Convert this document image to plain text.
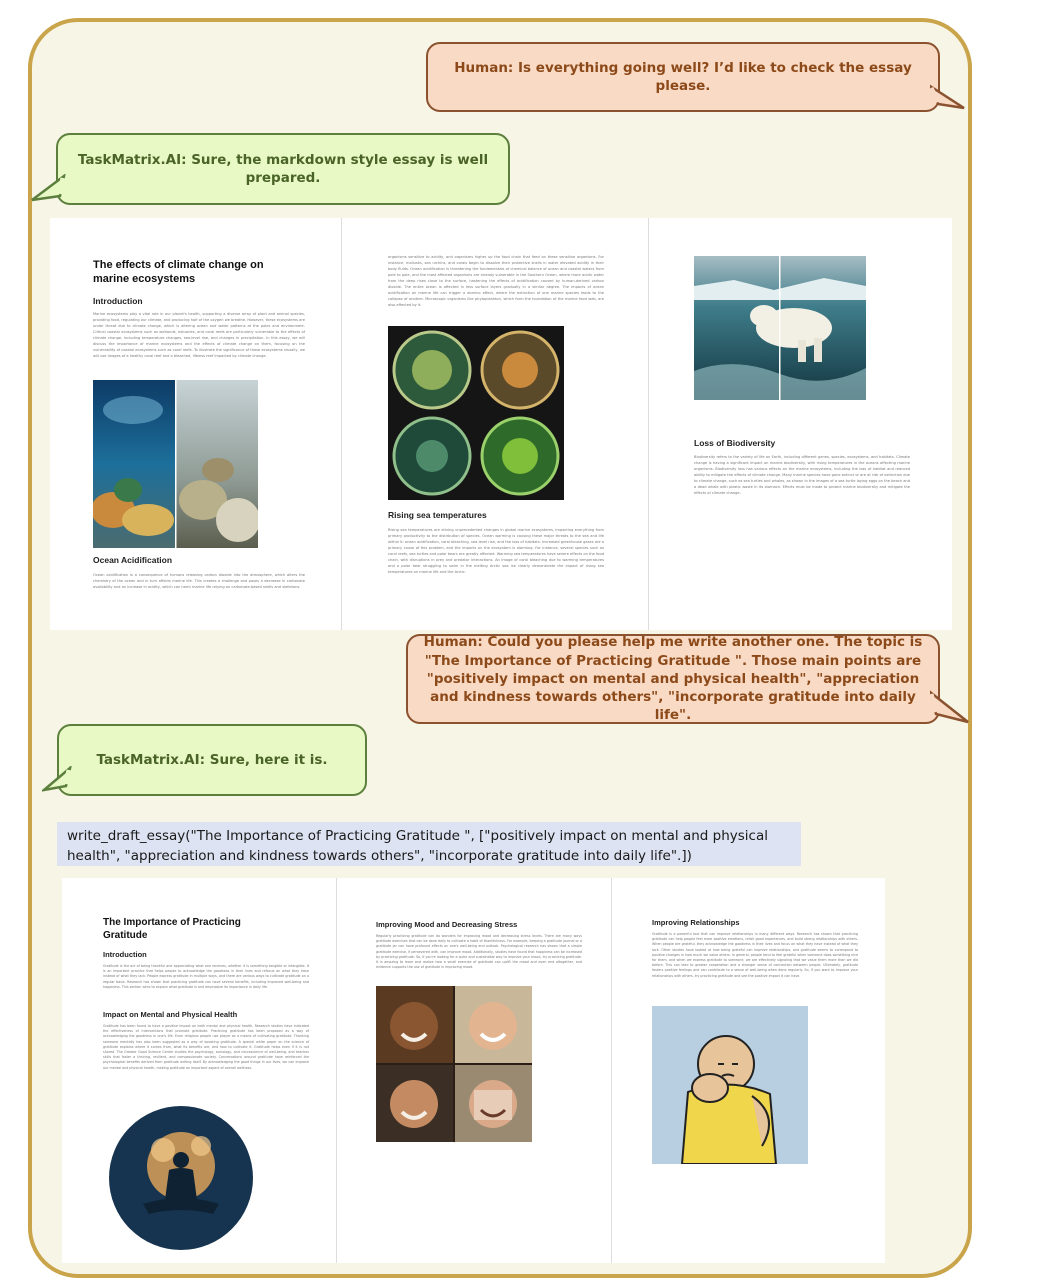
Human: Is everything going well? I’d like to check the essay please.
TaskMatrix.AI: Sure, the markdown style essay is well prepared.
The effects of climate change on marine ecosystems
Introduction
Marine ecosystems play a vital role in our planet's health, supporting a diverse array of plant and animal species, providing food, regulating our climate, and producing half of the oxygen we breathe. However, these ecosystems are under threat due to climate change, which is altering ocean and water patterns at the poles and environment. Critical coastal ecosystems such as wetlands, estuaries, and coral reefs are particularly vulnerable to the effects of climate change, including temperature changes, sea-level rise, and changes in precipitation. In this essay, we will discuss the importance of marine ecosystems and the effects of climate change on them, focusing on the vulnerability of coastal ecosystems such as coral reefs. To illustrate the significance of these ecosystems visually, we will use images of a healthy coral reef and a bleached, lifeless reef impacted by climate change.
Ocean Acidification
Ocean acidification is a consequence of humans releasing carbon dioxide into the atmosphere, which alters the chemistry of the ocean and in turn affects marine life. This creates a challenge and poses a decrease in carbonate availability and an increase in acidity, which can harm marine life relying on carbonate-based shells and skeletons.
organisms sensitive to acidity, and organisms higher up the food chain that feed on these sensitive organisms. For instance, mollusks, sea urchins, and corals begin to dissolve their protective shells in water elevated acidity in their body fluids. Ocean acidification is threatening the fundamentals of chemical balance of ocean and coastal waters from pole to pole, and the most affected organisms are already vulnerable in the Southern Ocean, where more acidic water from the deep rises close to the surface, hastening the effects of acidification caused by human-derived carbon dioxide. The entire ocean is affected in less surface layers gradually in a similar degree. The impacts of ocean acidification on marine life can trigger a domino effect, where the extinction of one marine species leads to the collapse of another. Microscopic organisms like phytoplankton, which form the foundation of the marine food web, are also affected by it.
Rising sea temperatures
Rising sea temperatures are driving unprecedented changes in global marine ecosystems, impacting everything from primary productivity to the distribution of species. Ocean warming is causing these major threats to the sea and life within it: ocean acidification, coral bleaching, sea-level rise, and the loss of habitats. Increased greenhouse gases are a primary cause of this problem, and the impacts on the ecosystem is alarming. For instance, several species such as coral reefs, sea turtles and polar bears are greatly affected. Warming sea temperatures have severe effects on the food chain, with disruptions in prey and predator interactions. An image of coral bleaching due to warming temperatures and a polar bear struggling to swim in the melting Arctic sea ice clearly demonstrate the impact of rising sea temperatures on marine life and the Arctic.
Loss of Biodiversity
Biodiversity refers to the variety of life on Earth, including different genes, species, ecosystems, and habitats. Climate change is having a significant impact on marine biodiversity, with rising temperatures in the oceans affecting marine organisms. Biodiversity loss has various effects on the marine ecosystems, including the loss of habitat and reduced ability to mitigate the effects of climate change. Many marine species have gone extinct or are at risk of extinction due to climate change, such as sea turtles and whales, as shown in the images of a sea turtle laying eggs on the beach and a dead whale with plastic waste in its stomach. Efforts must be made to protect marine biodiversity and mitigate the effects of climate change.
Human: Could you please help me write another one. The topic is "The Importance of Practicing Gratitude ". Those main points are "positively impact on mental and physical health", "appreciation and kindness towards others", "incorporate gratitude into daily life".
TaskMatrix.AI: Sure, here it is.
write_draft_essay("The Importance of Practicing Gratitude ", ["positively impact on mental and physical health", "appreciation and kindness towards others", "incorporate gratitude into daily life".])
The Importance of Practicing Gratitude
Introduction
Gratitude is the act of being thankful and appreciating what one receives, whether it is something tangible or intangible. It is an important practice that helps people to acknowledge the goodness in their lives and refocus on what they have instead of what they lack. People express gratitude in multiple ways, and there are various ways to cultivate gratitude on a regular basis. Research has shown that practicing gratitude can have several benefits, including improved well-being and happiness. This section aims to explain what gratitude is and emphasize its importance in daily life.
Impact on Mental and Physical Health
Gratitude has been found to have a positive impact on both mental and physical health. Research studies have indicated the effectiveness of interventions that promote gratitude. Practicing gratitude has been proposed as a way of acknowledging the goodness in one's life. Even religious people use prayer as a means of cultivating gratitude. Thanking someone mentally has also been suggested as a way of boosting gratitude. A special white paper on the science of gratitude explains where it comes from, what its benefits are, and how to cultivate it. Gratitude helps even if it is not shared. The Greater Good Science Center studies the psychology, sociology, and neuroscience of well-being, and teaches skills that foster a thriving, resilient, and compassionate society. Conversations around gratitude have reinforced the psychological benefits derived from gratitude writing itself. By acknowledging the good things in our lives, we can improve our mental and physical health, making gratitude an important aspect of overall wellness.
Improving Mood and Decreasing Stress
Regularly practicing gratitude can do wonders for improving mood and decreasing stress levels. There are many ways gratitude exercises that can be done daily to cultivate a habit of thankfulness. For example, keeping a gratitude journal or a gratitude jar can have profound effects on one's well-being and outlook. Psychological research has shown that a simple gratitude exercise, if persevered with, can improve mood. Additionally, studies have found that happiness can be increased by practicing gratitude. So, if you're looking for a quick and sustainable way to improve your mood, try practicing gratitude. It is amazing to learn and realize how a small exercise of gratitude can uplift the mood and even end altogether, and evidence supports the use of gratitude in improving mood.
Improving Relationships
Gratitude is a powerful tool that can improve relationships in many different ways. Research has shown that practicing gratitude can help people feel more positive emotions, relish good experiences, and build strong relationships with others. When people are grateful, they acknowledge the goodness in their lives and focus on what they have instead of what they lack. Other studies have looked at how being grateful can improve relationships, and gratitude seems to correspond to positive changes in how much we value others. In general, people tend to feel grateful when someone does something nice for them, and when we express gratitude to someone, we are effectively signaling that we value them more than we did before. This can lead to greater cooperation and a stronger sense of connection between people. Ultimately, gratitude fosters positive feelings and can contribute to a sense of well-being when done regularly. So, if you want to improve your relationships with others, try practicing gratitude and see the positive impact it can have.
